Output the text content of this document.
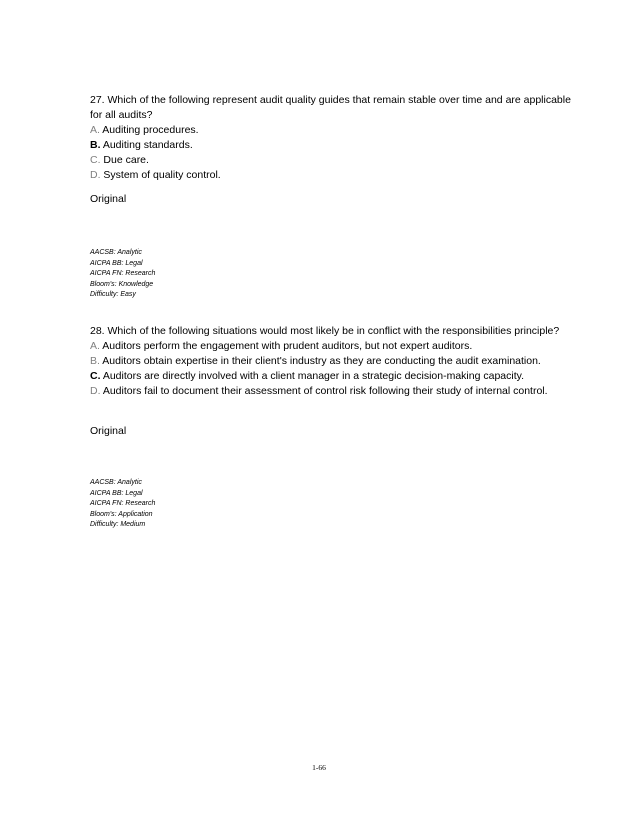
27. Which of the following represent audit quality guides that remain stable over time and are applicable for all audits?
A. Auditing procedures.
B. Auditing standards.
C. Due care.
D. System of quality control.
Original
AACSB: Analytic
AICPA BB: Legal
AICPA FN: Research
Bloom's: Knowledge
Difficulty: Easy
28. Which of the following situations would most likely be in conflict with the responsibilities principle?
A. Auditors perform the engagement with prudent auditors, but not expert auditors.
B. Auditors obtain expertise in their client's industry as they are conducting the audit examination.
C. Auditors are directly involved with a client manager in a strategic decision-making capacity.
D. Auditors fail to document their assessment of control risk following their study of internal control.
Original
AACSB: Analytic
AICPA BB: Legal
AICPA FN: Research
Bloom's: Application
Difficulty: Medium
1-66
